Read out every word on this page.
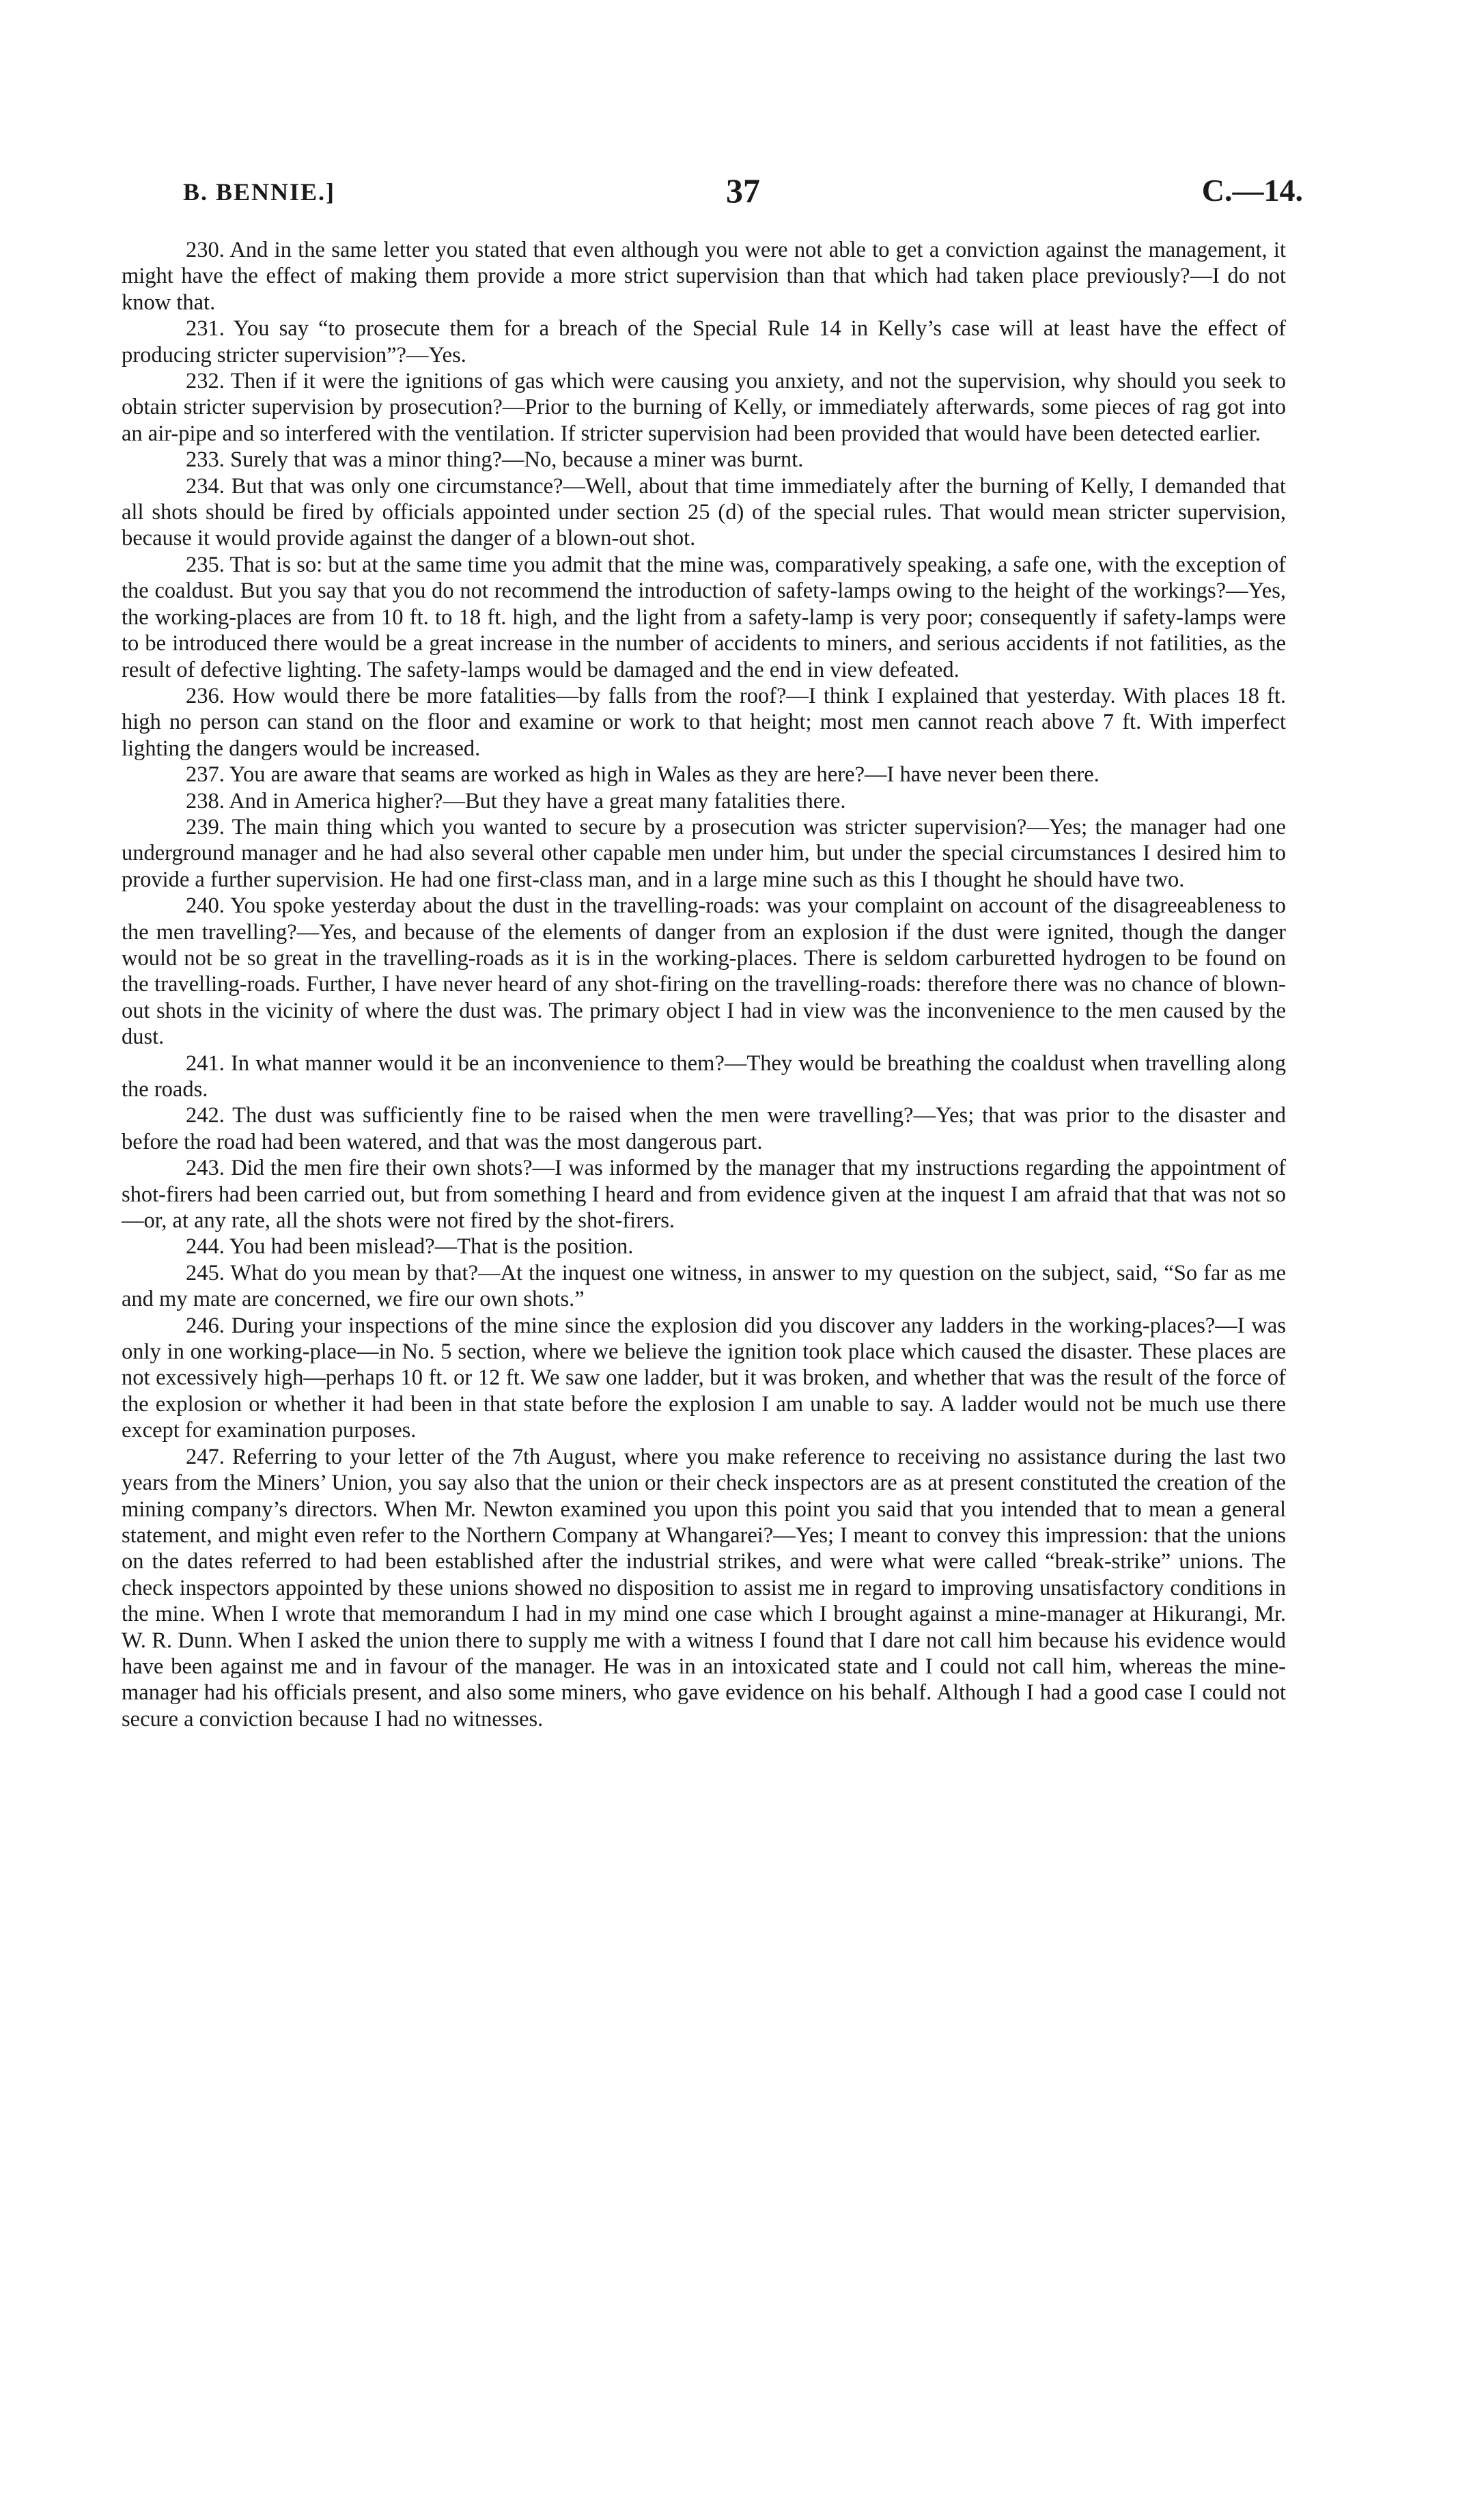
B. BENNIE.]	37	C.—14.

230. And in the same letter you stated that even although you were not able to get a conviction against the management, it might have the effect of making them provide a more strict supervision than that which had taken place previously?—I do not know that.

231. You say “to prosecute them for a breach of the Special Rule 14 in Kelly’s case will at least have the effect of producing stricter supervision”?—Yes.

232. Then if it were the ignitions of gas which were causing you anxiety, and not the supervision, why should you seek to obtain stricter supervision by prosecution?—Prior to the burning of Kelly, or immediately afterwards, some pieces of rag got into an air-pipe and so interfered with the ventilation. If stricter supervision had been provided that would have been detected earlier.

233. Surely that was a minor thing?—No, because a miner was burnt.

234. But that was only one circumstance?—Well, about that time immediately after the burning of Kelly, I demanded that all shots should be fired by officials appointed under section 25 (d) of the special rules. That would mean stricter supervision, because it would provide against the danger of a blown-out shot.

235. That is so: but at the same time you admit that the mine was, comparatively speaking, a safe one, with the exception of the coaldust. But you say that you do not recommend the introduction of safety-lamps owing to the height of the workings?—Yes, the working-places are from 10 ft. to 18 ft. high, and the light from a safety-lamp is very poor; consequently if safety-lamps were to be introduced there would be a great increase in the number of accidents to miners, and serious accidents if not fatilities, as the result of defective lighting. The safety-lamps would be damaged and the end in view defeated.

236. How would there be more fatalities—by falls from the roof?—I think I explained that yesterday. With places 18 ft. high no person can stand on the floor and examine or work to that height; most men cannot reach above 7 ft. With imperfect lighting the dangers would be increased.

237. You are aware that seams are worked as high in Wales as they are here?—I have never been there.

238. And in America higher?—But they have a great many fatalities there.

239. The main thing which you wanted to secure by a prosecution was stricter supervision?—Yes; the manager had one underground manager and he had also several other capable men under him, but under the special circumstances I desired him to provide a further supervision. He had one first-class man, and in a large mine such as this I thought he should have two.

240. You spoke yesterday about the dust in the travelling-roads: was your complaint on account of the disagreeableness to the men travelling?—Yes, and because of the elements of danger from an explosion if the dust were ignited, though the danger would not be so great in the travelling-roads as it is in the working-places. There is seldom carburetted hydrogen to be found on the travelling-roads. Further, I have never heard of any shot-firing on the travelling-roads: therefore there was no chance of blown-out shots in the vicinity of where the dust was. The primary object I had in view was the inconvenience to the men caused by the dust.

241. In what manner would it be an inconvenience to them?—They would be breathing the coaldust when travelling along the roads.

242. The dust was sufficiently fine to be raised when the men were travelling?—Yes; that was prior to the disaster and before the road had been watered, and that was the most dangerous part.

243. Did the men fire their own shots?—I was informed by the manager that my instructions regarding the appointment of shot-firers had been carried out, but from something I heard and from evidence given at the inquest I am afraid that that was not so—or, at any rate, all the shots were not fired by the shot-firers.

244. You had been mislead?—That is the position.

245. What do you mean by that?—At the inquest one witness, in answer to my question on the subject, said, “So far as me and my mate are concerned, we fire our own shots.”

246. During your inspections of the mine since the explosion did you discover any ladders in the working-places?—I was only in one working-place—in No. 5 section, where we believe the ignition took place which caused the disaster. These places are not excessively high—perhaps 10 ft. or 12 ft. We saw one ladder, but it was broken, and whether that was the result of the force of the explosion or whether it had been in that state before the explosion I am unable to say. A ladder would not be much use there except for examination purposes.

247. Referring to your letter of the 7th August, where you make reference to receiving no assistance during the last two years from the Miners’ Union, you say also that the union or their check inspectors are as at present constituted the creation of the mining company’s directors. When Mr. Newton examined you upon this point you said that you intended that to mean a general statement, and might even refer to the Northern Company at Whangarei?—Yes; I meant to convey this impression: that the unions on the dates referred to had been established after the industrial strikes, and were what were called “break-strike” unions. The check inspectors appointed by these unions showed no disposition to assist me in regard to improving unsatisfactory conditions in the mine. When I wrote that memorandum I had in my mind one case which I brought against a mine-manager at Hikurangi, Mr. W. R. Dunn. When I asked the union there to supply me with a witness I found that I dare not call him because his evidence would have been against me and in favour of the manager. He was in an intoxicated state and I could not call him, whereas the mine-manager had his officials present, and also some miners, who gave evidence on his behalf. Although I had a good case I could not secure a conviction because I had no witnesses.
